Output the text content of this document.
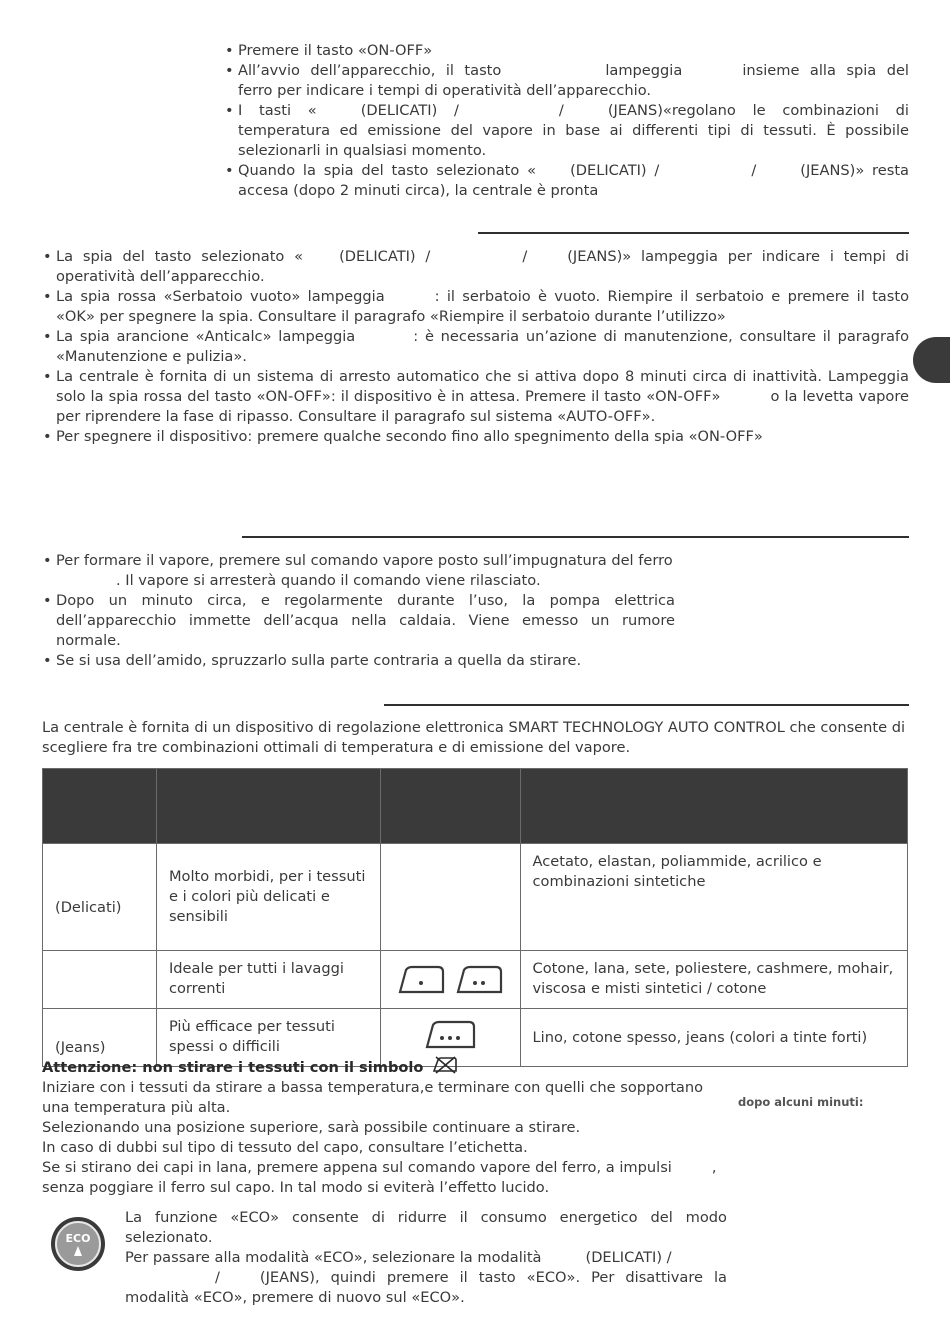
• Premere il tasto «ON-OFF»
• All’avvio dell’apparecchio, il tasto	lampeggia	insieme alla spia del ferro per indicare i tempi di operatività dell’apparecchio.
• I tasti «	(DELICATI) /	/	(JEANS)«regolano le combinazioni di temperatura ed emissione del vapore in base ai differenti tipi di tessuti. È possibile selezionarli in qualsiasi momento.
• Quando la spia del tasto selezionato « (DELICATI) /	/	(JEANS)» resta accesa (dopo 2 minuti circa), la centrale è pronta
• La spia del tasto selezionato « (DELICATI) /	/	(JEANS)» lampeggia per indicare i tempi di operatività dell’apparecchio.
• La spia rossa «Serbatoio vuoto» lampeggia	: il serbatoio è vuoto. Riempire il serbatoio e premere il tasto «OK» per spegnere la spia. Consultare il paragrafo «Riempire il serbatoio durante l’utilizzo»
• La spia arancione «Anticalc» lampeggia	: è necessaria un’azione di manutenzione, consultare il paragrafo «Manutenzione e pulizia».
• La centrale è fornita di un sistema di arresto automatico che si attiva dopo 8 minuti circa di inattività. Lampeggia solo la spia rossa del tasto «ON-OFF»: il dispositivo è in attesa. Premere il tasto «ON-OFF»	o la levetta vapore per riprendere la fase di ripasso. Consultare il paragrafo sul sistema «AUTO-OFF».
• Per spegnere il dispositivo: premere qualche secondo fino allo spegnimento della spia «ON-OFF»
• Per formare il vapore, premere sul comando vapore posto sull’impugnatura del ferro
. Il vapore si arresterà quando il comando viene rilasciato.
• Dopo un minuto circa, e regolarmente durante l’uso, la pompa elettrica dell’apparecchio immette dell’acqua nella caldaia. Viene emesso un rumore normale.
• Se si usa dell’amido, spruzzarlo sulla parte contraria a quella da stirare.
La centrale è fornita di un dispositivo di regolazione elettronica SMART TECHNOLOGY AUTO CONTROL che consente di scegliere fra tre combinazioni ottimali di temperatura e di emissione del vapore.

(Delicati)	Molto morbidi, per i tessuti e i colori più delicati e sensibili		Acetato, elastan, poliammide, acrilico e combinazioni sintetiche
	Ideale per tutti i lavaggi correnti		Cotone, lana, sete, poliestere, cashmere, mohair, viscosa e misti sintetici / cotone
(Jeans)	Più efficace per tessuti spessi o difficili		Lino, cotone spesso, jeans (colori a tinte forti)
Attenzione: non stirare i tessuti con il simbolo
Iniziare con i tessuti da stirare a bassa temperatura,e terminare con quelli che sopportano una temperatura più alta.
Selezionando una posizione superiore, sarà possibile continuare a stirare.
In caso di dubbi sul tipo di tessuto del capo, consultare l’etichetta.
Se si stirano dei capi in lana, premere appena sul comando vapore del ferro, a impulsi	,
senza poggiare il ferro sul capo. In tal modo si eviterà l’effetto lucido.
dopo alcuni minuti:
ECO
La funzione «ECO» consente di ridurre il consumo energetico del modo selezionato.
Per passare alla modalità «ECO», selezionare la modalità	(DELICATI) /
/	(JEANS), quindi premere il tasto «ECO». Per disattivare la modalità «ECO», premere di nuovo sul «ECO».
